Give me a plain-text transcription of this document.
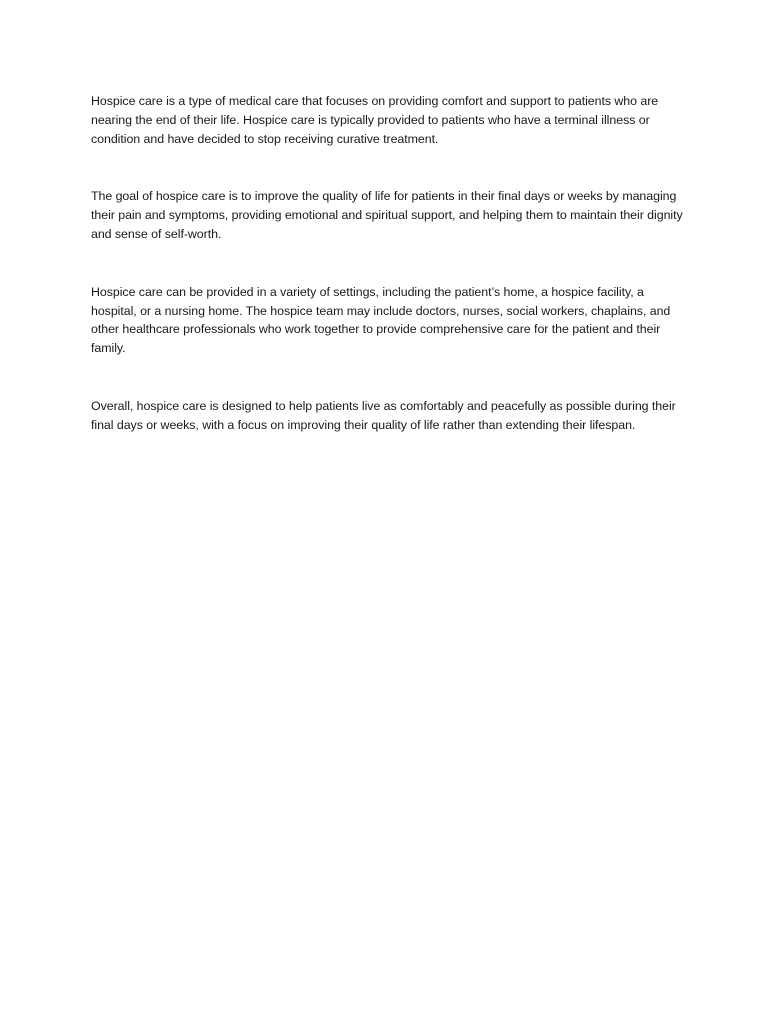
Hospice care is a type of medical care that focuses on providing comfort and support to patients who are nearing the end of their life. Hospice care is typically provided to patients who have a terminal illness or condition and have decided to stop receiving curative treatment.

The goal of hospice care is to improve the quality of life for patients in their final days or weeks by managing their pain and symptoms, providing emotional and spiritual support, and helping them to maintain their dignity and sense of self-worth.

Hospice care can be provided in a variety of settings, including the patient’s home, a hospice facility, a hospital, or a nursing home. The hospice team may include doctors, nurses, social workers, chaplains, and other healthcare professionals who work together to provide comprehensive care for the patient and their family.

Overall, hospice care is designed to help patients live as comfortably and peacefully as possible during their final days or weeks, with a focus on improving their quality of life rather than extending their lifespan.
